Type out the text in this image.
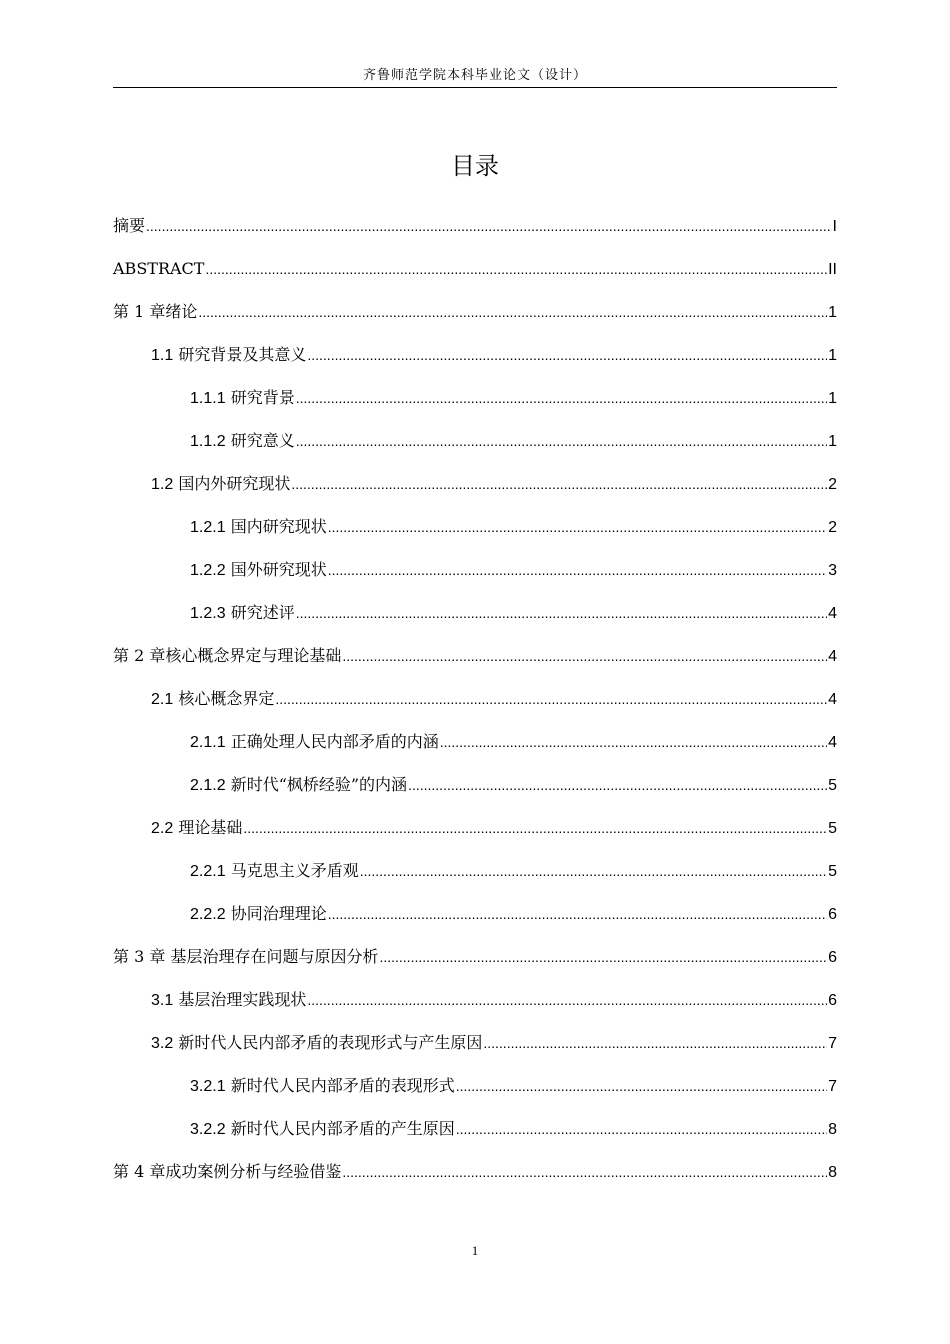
齐鲁师范学院本科毕业论文（设计）
目录
摘要 .....	I
ABSTRACT .....	II
第 1 章绪论 .....	1
1.1 研究背景及其意义 .....	1
1.1.1 研究背景 .....	1
1.1.2 研究意义 .....	1
1.2 国内外研究现状 .....	2
1.2.1 国内研究现状 .....	2
1.2.2 国外研究现状 .....	3
1.2.3 研究述评 .....	4
第 2 章核心概念界定与理论基础 .....	4
2.1 核心概念界定 .....	4
2.1.1 正确处理人民内部矛盾的内涵 .....	4
2.1.2 新时代“枫桥经验”的内涵 .....	5
2.2 理论基础 .....	5
2.2.1 马克思主义矛盾观 .....	5
2.2.2 协同治理理论 .....	6
第 3 章 基层治理存在问题与原因分析 .....	6
3.1 基层治理实践现状 .....	6
3.2 新时代人民内部矛盾的表现形式与产生原因 .....	7
3.2.1 新时代人民内部矛盾的表现形式 .....	7
3.2.2 新时代人民内部矛盾的产生原因 .....	8
第 4 章成功案例分析与经验借鉴 .....	8
1
